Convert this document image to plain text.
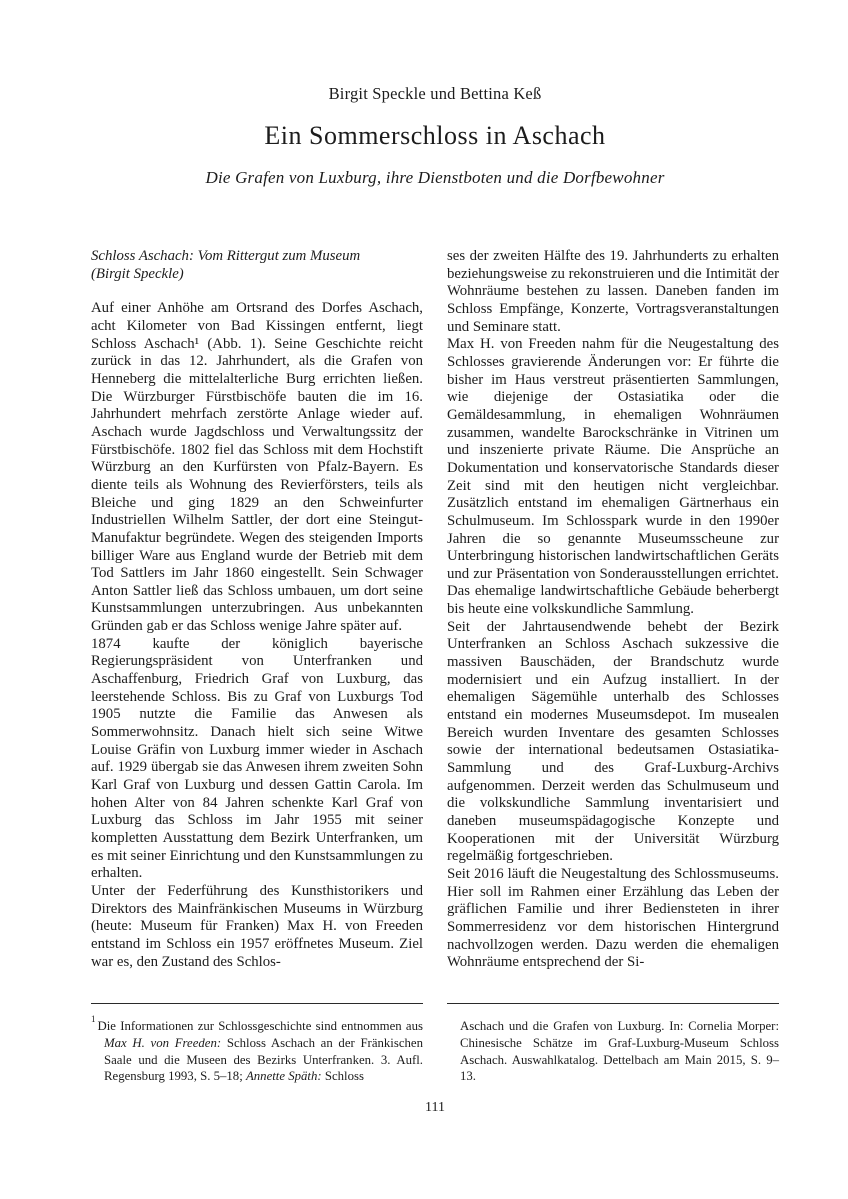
Birgit Speckle und Bettina Keß
Ein Sommerschloss in Aschach
Die Grafen von Luxburg, ihre Dienstboten und die Dorfbewohner
Schloss Aschach: Vom Rittergut zum Museum
(Birgit Speckle)

Auf einer Anhöhe am Ortsrand des Dorfes Aschach, acht Kilometer von Bad Kissingen entfernt, liegt Schloss Aschach¹ (Abb. 1). Seine Geschichte reicht zurück in das 12. Jahrhundert, als die Grafen von Henneberg die mittelalterliche Burg errichten ließen. Die Würzburger Fürstbischöfe bauten die im 16. Jahrhundert mehrfach zerstörte Anlage wieder auf. Aschach wurde Jagdschloss und Verwaltungssitz der Fürstbischöfe. 1802 fiel das Schloss mit dem Hochstift Würzburg an den Kurfürsten von Pfalz-Bayern. Es diente teils als Wohnung des Revierförsters, teils als Bleiche und ging 1829 an den Schweinfurter Industriellen Wilhelm Sattler, der dort eine Steingut-Manufaktur begründete. Wegen des steigenden Imports billiger Ware aus England wurde der Betrieb mit dem Tod Sattlers im Jahr 1860 eingestellt. Sein Schwager Anton Sattler ließ das Schloss umbauen, um dort seine Kunstsammlungen unterzubringen. Aus unbekannten Gründen gab er das Schloss wenige Jahre später auf.

1874 kaufte der königlich bayerische Regierungspräsident von Unterfranken und Aschaffenburg, Friedrich Graf von Luxburg, das leerstehende Schloss. Bis zu Graf von Luxburgs Tod 1905 nutzte die Familie das Anwesen als Sommerwohnsitz. Danach hielt sich seine Witwe Louise Gräfin von Luxburg immer wieder in Aschach auf. 1929 übergab sie das Anwesen ihrem zweiten Sohn Karl Graf von Luxburg und dessen Gattin Carola. Im hohen Alter von 84 Jahren schenkte Karl Graf von Luxburg das Schloss im Jahr 1955 mit seiner kompletten Ausstattung dem Bezirk Unterfranken, um es mit seiner Einrichtung und den Kunstsammlungen zu erhalten.

Unter der Federführung des Kunsthistorikers und Direktors des Mainfränkischen Museums in Würzburg (heute: Museum für Franken) Max H. von Freeden entstand im Schloss ein 1957 eröffnetes Museum. Ziel war es, den Zustand des Schlos-

ses der zweiten Hälfte des 19. Jahrhunderts zu erhalten beziehungsweise zu rekonstruieren und die Intimität der Wohnräume bestehen zu lassen. Daneben fanden im Schloss Empfänge, Konzerte, Vortragsveranstaltungen und Seminare statt.

Max H. von Freeden nahm für die Neugestaltung des Schlosses gravierende Änderungen vor: Er führte die bisher im Haus verstreut präsentierten Sammlungen, wie diejenige der Ostasiatika oder die Gemäldesammlung, in ehemaligen Wohnräumen zusammen, wandelte Barockschränke in Vitrinen um und inszenierte private Räume. Die Ansprüche an Dokumentation und konservatorische Standards dieser Zeit sind mit den heutigen nicht vergleichbar. Zusätzlich entstand im ehemaligen Gärtnerhaus ein Schulmuseum. Im Schlosspark wurde in den 1990er Jahren die so genannte Museumsscheune zur Unterbringung historischen landwirtschaftlichen Geräts und zur Präsentation von Sonderausstellungen errichtet. Das ehemalige landwirtschaftliche Gebäude beherbergt bis heute eine volkskundliche Sammlung.

Seit der Jahrtausendwende behebt der Bezirk Unterfranken an Schloss Aschach sukzessive die massiven Bauschäden, der Brandschutz wurde modernisiert und ein Aufzug installiert. In der ehemaligen Sägemühle unterhalb des Schlosses entstand ein modernes Museumsdepot. Im musealen Bereich wurden Inventare des gesamten Schlosses sowie der international bedeutsamen Ostasiatika-Sammlung und des Graf-Luxburg-Archivs aufgenommen. Derzeit werden das Schulmuseum und die volkskundliche Sammlung inventarisiert und daneben museumspädagogische Konzepte und Kooperationen mit der Universität Würzburg regelmäßig fortgeschrieben.

Seit 2016 läuft die Neugestaltung des Schlossmuseums. Hier soll im Rahmen einer Erzählung das Leben der gräflichen Familie und ihrer Bediensteten in ihrer Sommerresidenz vor dem historischen Hintergrund nachvollzogen werden. Dazu werden die ehemaligen Wohnräume entsprechend der Si-

$^1$Die Informationen zur Schlossgeschichte sind entnommen aus Max H. von Freeden: Schloss Aschach an der Fränkischen Saale und die Museen des Bezirks Unterfranken. 3. Aufl. Regensburg 1993, S. 5–18; Annette Späth: Schloss

Aschach und die Grafen von Luxburg. In: Cornelia Morper: Chinesische Schätze im Graf-Luxburg-Museum Schloss Aschach. Auswahlkatalog. Dettelbach am Main 2015, S. 9–13.

111
